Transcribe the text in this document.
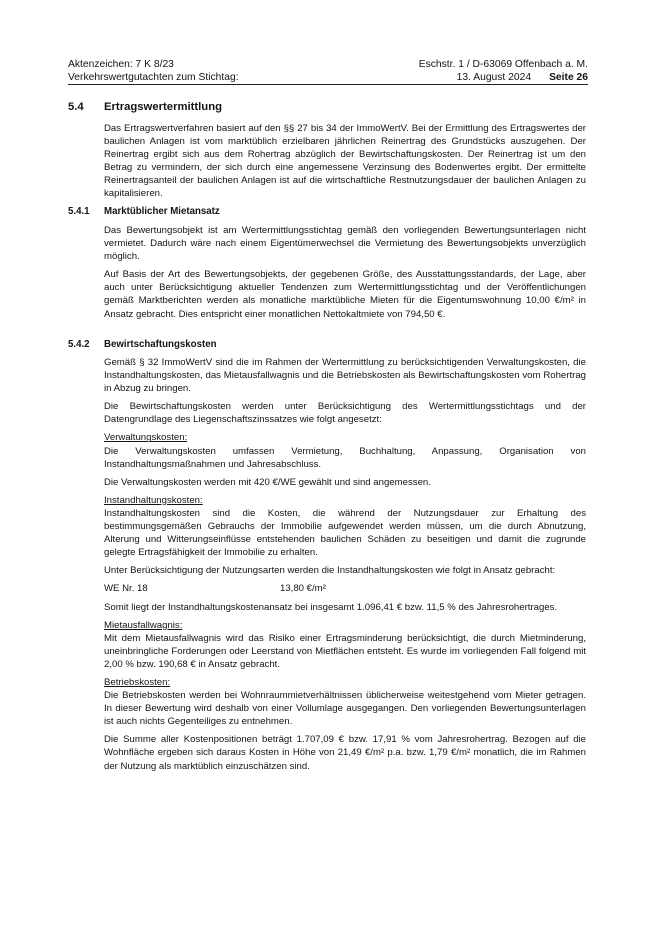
Aktenzeichen: 7 K 8/23	Eschstr. 1 / D-63069 Offenbach a. M.
Verkehrswertgutachten zum Stichtag:	13. August 2024 Seite 26
5.4 Ertragswertermittlung

Das Ertragswertverfahren basiert auf den §§ 27 bis 34 der ImmoWertV. Bei der Ermittlung des Ertragswertes der baulichen Anlagen ist vom marktüblich erzielbaren jährlichen Reinertrag des Grundstücks auszugehen. Der Reinertrag ergibt sich aus dem Rohertrag abzüglich der Bewirtschaftungskosten. Der Reinertrag ist um den Betrag zu vermindern, der sich durch eine angemessene Verzinsung des Bodenwertes ergibt. Der ermittelte Reinertragsanteil der baulichen Anlagen ist auf die wirtschaftliche Restnutzungsdauer der baulichen Anlagen zu kapitalisieren.

5.4.1 Marktüblicher Mietansatz

Das Bewertungsobjekt ist am Wertermittlungsstichtag gemäß den vorliegenden Bewertungsunterlagen nicht vermietet. Dadurch wäre nach einem Eigentümerwechsel die Vermietung des Bewertungsobjekts unverzüglich möglich.

Auf Basis der Art des Bewertungsobjekts, der gegebenen Größe, des Ausstattungsstandards, der Lage, aber auch unter Berücksichtigung aktueller Tendenzen zum Wertermittlungsstichtag und der Veröffentlichungen gemäß Marktberichten werden als monatliche marktübliche Mieten für die Eigentumswohnung 10,00 €/m² in Ansatz gebracht. Dies entspricht einer monatlichen Nettokaltmiete von 794,50 €.

5.4.2 Bewirtschaftungskosten

Gemäß § 32 ImmoWertV sind die im Rahmen der Wertermittlung zu berücksichtigenden Verwaltungskosten, die Instandhaltungskosten, das Mietausfallwagnis und die Betriebskosten als Bewirtschaftungskosten vom Rohertrag in Abzug zu bringen.

Die Bewirtschaftungskosten werden unter Berücksichtigung des Wertermittlungsstichtags und der Datengrundlage des Liegenschaftszinssatzes wie folgt angesetzt:

Verwaltungskosten:

Die Verwaltungskosten umfassen Vermietung, Buchhaltung, Anpassung, Organisation von Instandhaltungsmaßnahmen und Jahresabschluss.

Die Verwaltungskosten werden mit 420 €/WE gewählt und sind angemessen.

Instandhaltungskosten:

Instandhaltungskosten sind die Kosten, die während der Nutzungsdauer zur Erhaltung des bestimmungsgemäßen Gebrauchs der Immobilie aufgewendet werden müssen, um die durch Abnutzung, Alterung und Witterungseinflüsse entstehenden baulichen Schäden zu beseitigen und damit die zugrunde gelegte Ertragsfähigkeit der Immobilie zu erhalten.

Unter Berücksichtigung der Nutzungsarten werden die Instandhaltungskosten wie folgt in Ansatz gebracht:

WE Nr. 18	13,80 €/m²

Somit liegt der Instandhaltungskostenansatz bei insgesamt 1.096,41 € bzw. 11,5 % des Jahresrohertrages.

Mietausfallwagnis:

Mit dem Mietausfallwagnis wird das Risiko einer Ertragsminderung berücksichtigt, die durch Mietminderung, uneinbringliche Forderungen oder Leerstand von Mietflächen entsteht. Es wurde im vorliegenden Fall folgend mit 2,00 % bzw. 190,68 € in Ansatz gebracht.

Betriebskosten:

Die Betriebskosten werden bei Wohnraummietverhältnissen üblicherweise weitestgehend vom Mieter getragen. In dieser Bewertung wird deshalb von einer Vollumlage ausgegangen. Den vorliegenden Bewertungsunterlagen ist auch nichts Gegenteiliges zu entnehmen.

Die Summe aller Kostenpositionen beträgt 1.707,09 € bzw. 17,91 % vom Jahresrohertrag. Bezogen auf die Wohnfläche ergeben sich daraus Kosten in Höhe von 21,49 €/m² p.a. bzw. 1,79 €/m² monatlich, die im Rahmen der Nutzung als marktüblich einzuschätzen sind.
